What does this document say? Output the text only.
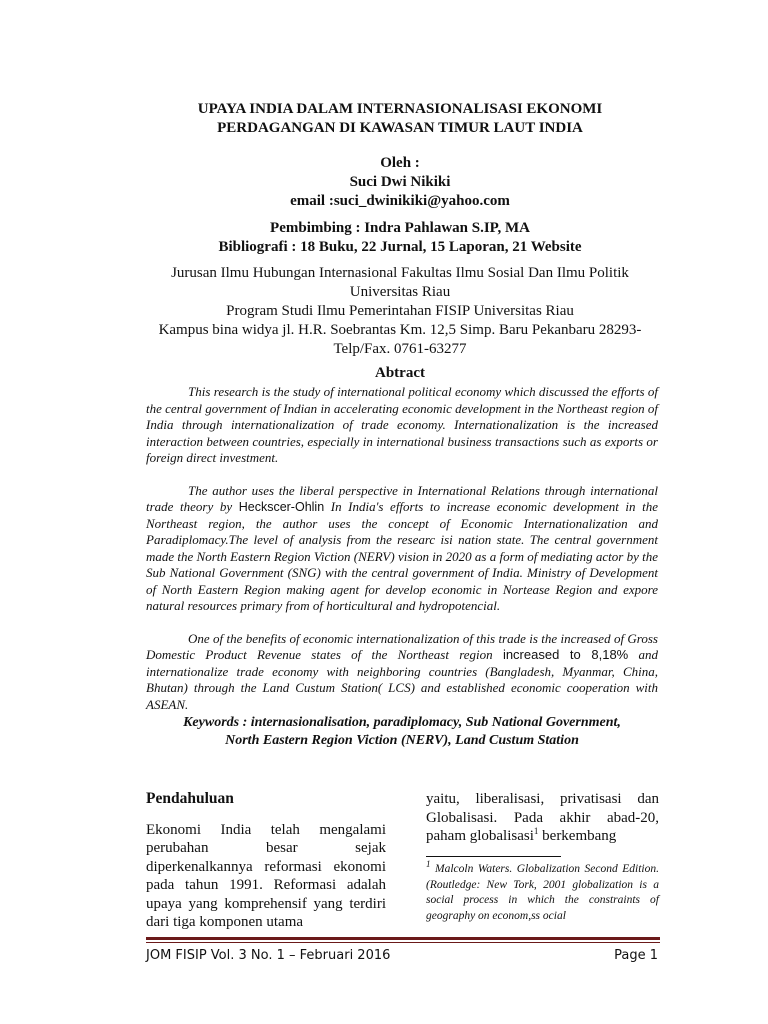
UPAYA INDIA DALAM INTERNASIONALISASI EKONOMI
PERDAGANGAN DI KAWASAN TIMUR LAUT INDIA
Oleh :
Suci Dwi Nikiki
email :suci_dwinikiki@yahoo.com
Pembimbing : Indra Pahlawan S.IP, MA
Bibliografi : 18 Buku, 22 Jurnal, 15 Laporan, 21 Website
Jurusan Ilmu Hubungan Internasional Fakultas Ilmu Sosial Dan Ilmu Politik
Universitas Riau
Program Studi Ilmu Pemerintahan FISIP Universitas Riau
Kampus bina widya jl. H.R. Soebrantas Km. 12,5 Simp. Baru Pekanbaru 28293-
Telp/Fax. 0761-63277
Abtract

This research is the study of international political economy which discussed the efforts of the central government of Indian in accelerating economic development in the Northeast region of India through internationalization of trade economy. Internationalization is the increased interaction between countries, especially in international business transactions such as exports or foreign direct investment.

The author uses the liberal perspective in International Relations through international trade theory by Heckscer-Ohlin In India's efforts to increase economic development in the Northeast region, the author uses the concept of Economic Internationalization and Paradiplomacy.The level of analysis from the researc isi nation state. The central government made the North Eastern Region Viction (NERV) vision in 2020 as a form of mediating actor by the Sub National Government (SNG) with the central government of India. Ministry of Development of North Eastern Region making agent for develop economic in Nortease Region and expore natural resources primary from of horticultural and hydropotencial.

One of the benefits of economic internationalization of this trade is the increased of Gross Domestic Product Revenue states of the Northeast region increased to 8,18% and internationalize trade economy with neighboring countries (Bangladesh, Myanmar, China, Bhutan) through the Land Custum Station( LCS) and established economic cooperation with ASEAN.

Keywords : internasionalisation, paradiplomacy, Sub National Government,
North Eastern Region Viction (NERV), Land Custum Station
Pendahuluan

Ekonomi India telah mengalami perubahan besar sejak diperkenalkannya reformasi ekonomi pada tahun 1991. Reformasi adalah upaya yang komprehensif yang terdiri dari tiga komponen utama

yaitu, liberalisasi, privatisasi dan Globalisasi. Pada akhir abad-20, paham globalisasi$^1$ berkembang

$^1$ Malcoln Waters. Globalization Second Edition.(Routledge: New Tork, 2001 globalization is a social process in which the constraints of geography on econom,ss ocial
JOM FISIP Vol. 3 No. 1 – Februari 2016	Page 1
